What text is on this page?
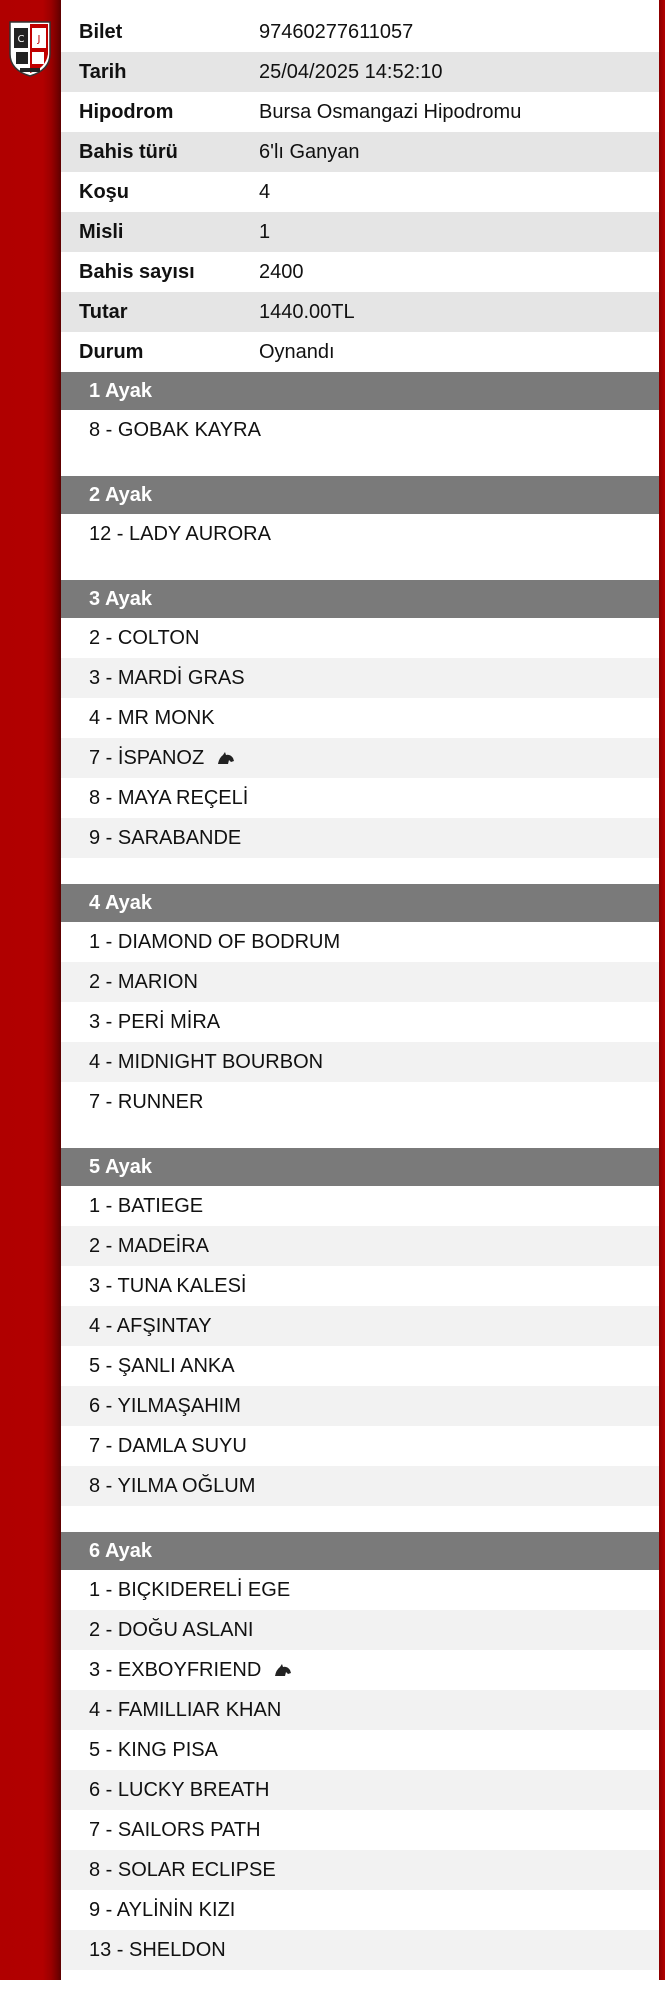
C J	Bilet	97460277611057
Tarih	25/04/2025 14:52:10
Hipodrom	Bursa Osmangazi Hipodromu
Bahis türü	6'lı Ganyan
Koşu	4
Misli	1
Bahis sayısı	2400
Tutar	1440.00TL
Durum	Oynandı
1 Ayak
8 - GOBAK KAYRA
2 Ayak
12 - LADY AURORA
3 Ayak
2 - COLTON
3 - MARDİ GRAS
4 - MR MONK
7 - İSPANOZ
8 - MAYA REÇELİ
9 - SARABANDE
4 Ayak
1 - DIAMOND OF BODRUM
2 - MARION
3 - PERİ MİRA
4 - MIDNIGHT BOURBON
7 - RUNNER
5 Ayak
1 - BATIEGE
2 - MADEİRA
3 - TUNA KALESİ
4 - AFŞINTAY
5 - ŞANLI ANKA
6 - YILMAŞAHIM
7 - DAMLA SUYU
8 - YILMA OĞLUM
6 Ayak
1 - BIÇKIDERELİ EGE
2 - DOĞU ASLANI
3 - EXBOYFRIEND
4 - FAMILLIAR KHAN
5 - KING PISA
6 - LUCKY BREATH
7 - SAILORS PATH
8 - SOLAR ECLIPSE
9 - AYLİNİN KIZI
13 - SHELDON
